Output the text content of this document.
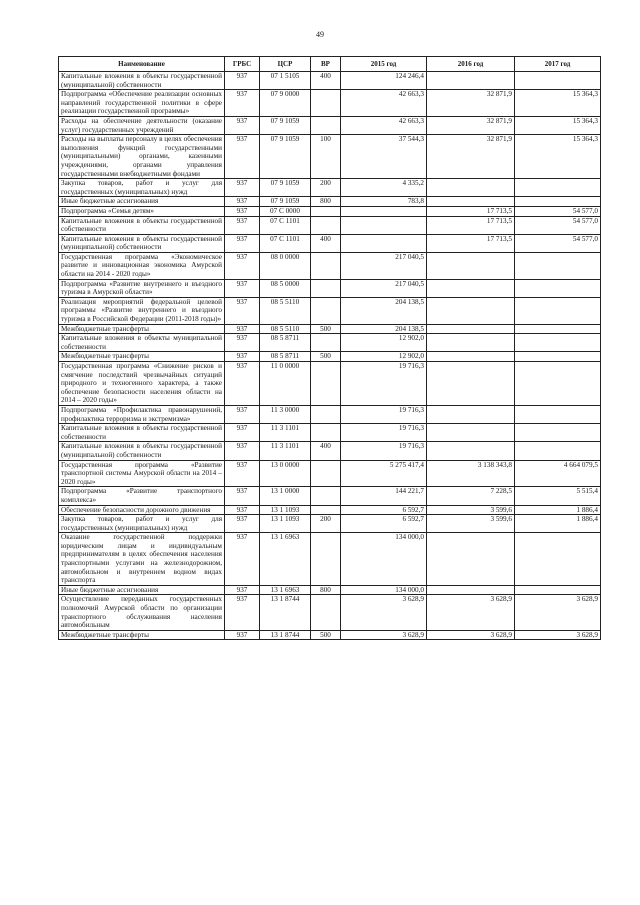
49
Наименование	ГРБС	ЦСР	ВР	2015 год	2016 год	2017 год
Капитальные вложения в объекты государственной (муниципальной) собственности	937	07 1 5105	400	124 246,4		
Подпрограмма «Обеспечение реализации основных направлений государственной политики в сфере реализации государственной программы»	937	07 9 0000		42 663,3	32 871,9	15 364,3
Расходы на обеспечение деятельности (оказание услуг) государственных учреждений	937	07 9 1059		42 663,3	32 871,9	15 364,3
Расходы на выплаты персоналу в целях обеспечения выполнения функций государственными (муниципальными) органами, казенными учреждениями, органами управления государственными внебюджетными фондами	937	07 9 1059	100	37 544,3	32 871,9	15 364,3
Закупка товаров, работ и услуг для государственных (муниципальных) нужд	937	07 9 1059	200	4 335,2		
Иные бюджетные ассигнования	937	07 9 1059	800	783,8		
Подпрограмма «Семья детям»	937	07 С 0000			17 713,5	54 577,0
Капитальные вложения в объекты государственной собственности	937	07 С 1101			17 713,5	54 577,0
Капитальные вложения в объекты государственной (муниципальной) собственности	937	07 С 1101	400		17 713,5	54 577,0
Государственная программа «Экономическое развитие и инновационная экономика Амурской области на 2014 - 2020 годы»	937	08 0 0000		217 040,5		
Подпрограмма «Развитие внутреннего и въездного туризма в Амурской области»	937	08 5 0000		217 040,5		
Реализация мероприятий федеральной целевой программы «Развитие внутреннего и въездного туризма в Российской Федерации (2011-2018 годы)»	937	08 5 5110		204 138,5		
Межбюджетные трансферты	937	08 5 5110	500	204 138,5		
Капитальные вложения в объекты муниципальной собственности	937	08 5 8711		12 902,0		
Межбюджетные трансферты	937	08 5 8711	500	12 902,0		
Государственная программа «Снижение рисков и смягчение последствий чрезвычайных ситуаций природного и техногенного характера, а также обеспечение безопасности населения области на 2014 – 2020 годы»	937	11 0 0000		19 716,3		
Подпрограмма «Профилактика правонарушений, профилактика терроризма и экстремизма»	937	11 3 0000		19 716,3		
Капитальные вложения в объекты государственной собственности	937	11 3 1101		19 716,3		
Капитальные вложения в объекты государственной (муниципальной) собственности	937	11 3 1101	400	19 716,3		
Государственная программа «Развитие транспортной системы Амурской области на 2014 – 2020 годы»	937	13 0 0000		5 275 417,4	3 138 343,8	4 664 079,5
Подпрограмма «Развитие транспортного комплекса»	937	13 1 0000		144 221,7	7 228,5	5 515,4
Обеспечение безопасности дорожного движения	937	13 1 1093		6 592,7	3 599,6	1 886,4
Закупка товаров, работ и услуг для государственных (муниципальных) нужд	937	13 1 1093	200	6 592,7	3 599,6	1 886,4
Оказание государственной поддержки юридическим лицам и индивидуальным предпринимателям в целях обеспечения населения транспортными услугами на железнодорожном, автомобильном и внутреннем водном видах транспорта	937	13 1 6963		134 000,0		
Иные бюджетные ассигнования	937	13 1 6963	800	134 000,0		
Осуществление переданных государственных полномочий Амурской области по организации транспортного обслуживания населения автомобильным	937	13 1 8744		3 628,9	3 628,9	3 628,9
Межбюджетные трансферты	937	13 1 8744	500	3 628,9	3 628,9	3 628,9
